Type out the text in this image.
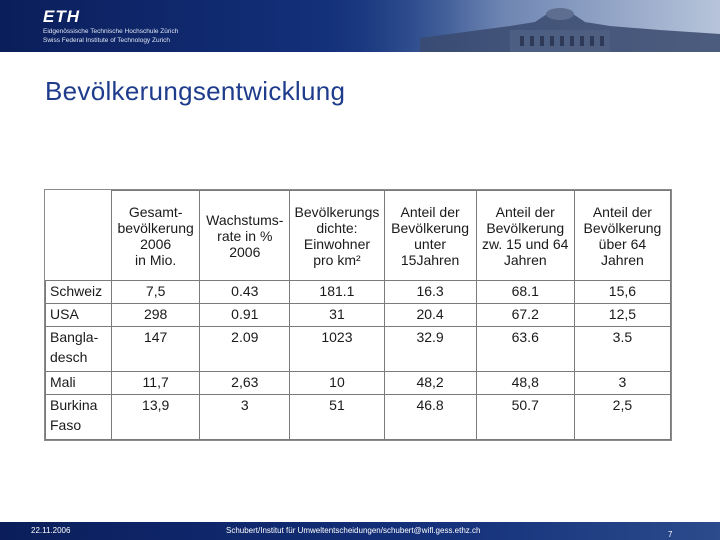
ETH
Eidgenössische Technische Hochschule Zürich
Swiss Federal Institute of Technology Zurich
Bevölkerungsentwicklung
	Gesamt-
bevölkerung
2006
in Mio.	Wachstums-
rate in %
2006	Bevölkerungs
dichte:
Einwohner
pro km²	Anteil der
Bevölkerung
unter
15Jahren	Anteil der
Bevölkerung
zw. 15 und 64
Jahren	Anteil der
Bevölkerung
über 64
Jahren
Schweiz	7,5	0.43	181.1	16.3	68.1	15,6
USA	298	0.91	31	20.4	67.2	12,5
Bangla-
desch	147	2.09	1023	32.9	63.6	3.5
Mali	11,7	2,63	10	48,2	48,8	3
Burkina
Faso	13,9	3	51	46.8	50.7	2,5
22.11.2006	Schubert/Institut für Umweltentscheidungen/schubert@wifl.gess.ethz.ch	7
